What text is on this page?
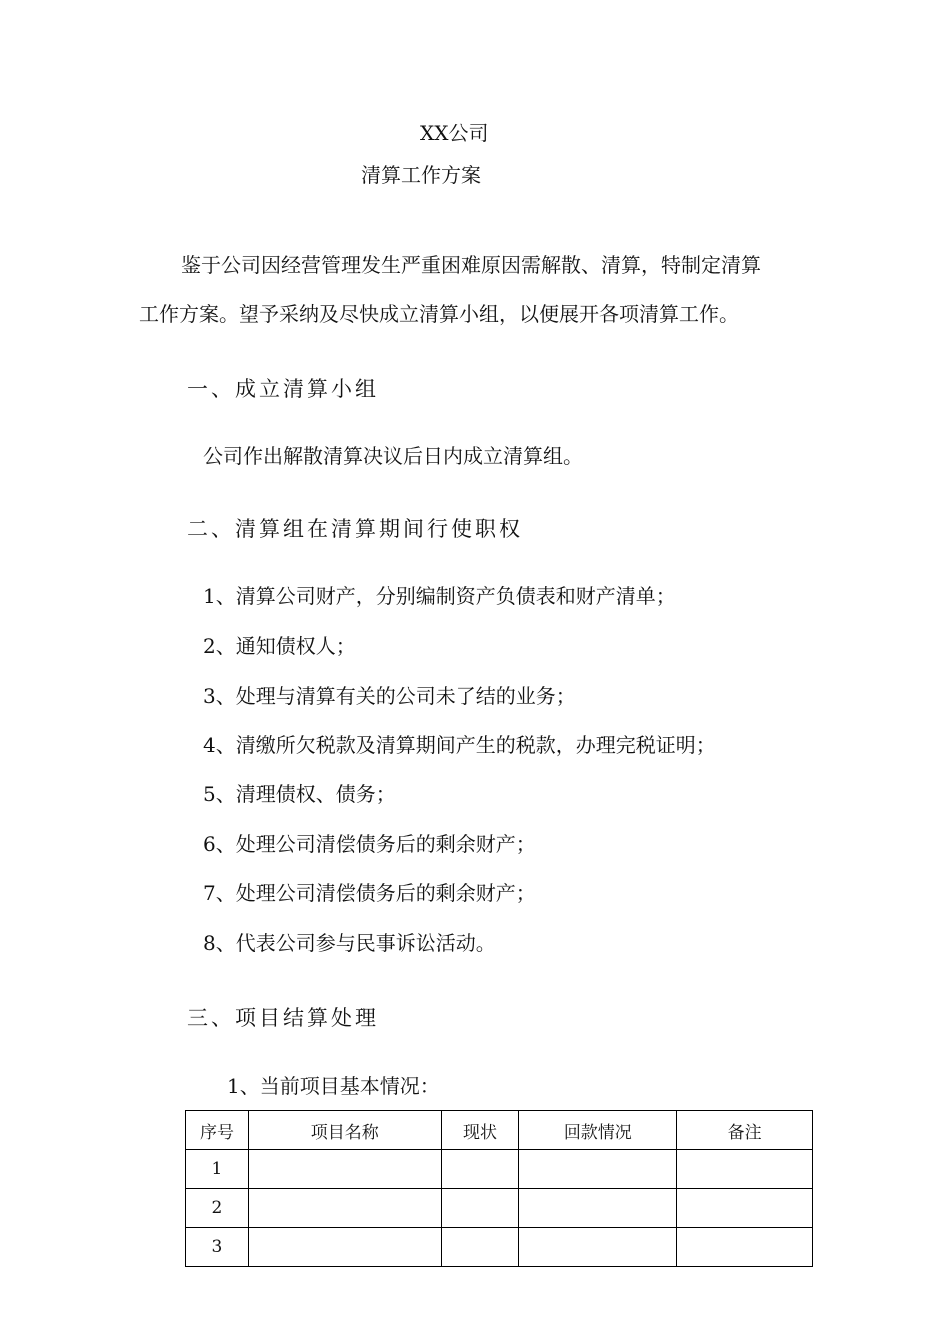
XX公司
清算工作方案
鉴于公司因经营管理发生严重困难原因需解散、清算，特制定清算
工作方案。望予采纳及尽快成立清算小组，以便展开各项清算工作。
一、成立清算小组
公司作出解散清算决议后日内成立清算组。
二、清算组在清算期间行使职权
1、清算公司财产，分别编制资产负债表和财产清单；
2、通知债权人；
3、处理与清算有关的公司未了结的业务；
4、清缴所欠税款及清算期间产生的税款，办理完税证明；
5、清理债权、债务；
6、处理公司清偿债务后的剩余财产；
7、处理公司清偿债务后的剩余财产；
8、代表公司参与民事诉讼活动。
三、项目结算处理
1、当前项目基本情况：
序号	项目名称	现状	回款情况	备注
1				
2				
3				
